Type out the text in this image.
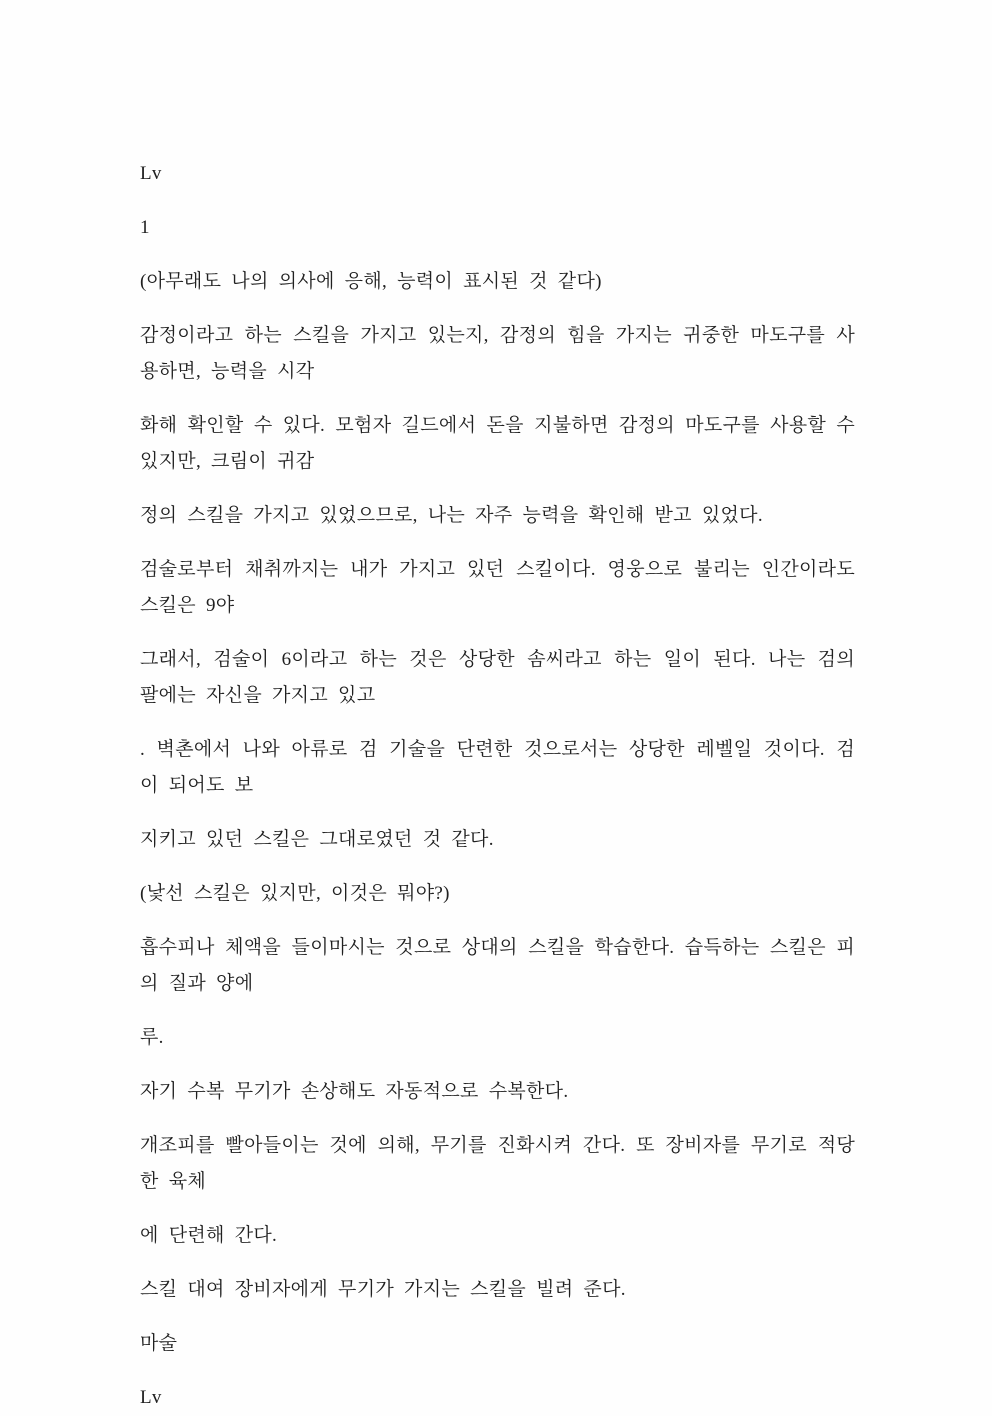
Lv

1

(아무래도 나의 의사에 응해, 능력이 표시된 것 같다)

감정이라고 하는 스킬을 가지고 있는지, 감정의 힘을 가지는 귀중한 마도구를 사용하면, 능력을 시각

화해 확인할 수 있다. 모험자 길드에서 돈을 지불하면 감정의 마도구를 사용할 수 있지만, 크림이 귀감

정의 스킬을 가지고 있었으므로, 나는 자주 능력을 확인해 받고 있었다.

검술로부터 채취까지는 내가 가지고 있던 스킬이다. 영웅으로 불리는 인간이라도 스킬은 9야

그래서, 검술이 6이라고 하는 것은 상당한 솜씨라고 하는 일이 된다. 나는 검의 팔에는 자신을 가지고 있고

. 벽촌에서 나와 아류로 검 기술을 단련한 것으로서는 상당한 레벨일 것이다. 검이 되어도 보

지키고 있던 스킬은 그대로였던 것 같다.

(낯선 스킬은 있지만, 이것은 뭐야?)

흡수피나 체액을 들이마시는 것으로 상대의 스킬을 학습한다. 습득하는 스킬은 피의 질과 양에

루.

자기 수복 무기가 손상해도 자동적으로 수복한다.

개조피를 빨아들이는 것에 의해, 무기를 진화시켜 간다. 또 장비자를 무기로 적당한 육체

에 단련해 간다.

스킬 대여 장비자에게 무기가 가지는 스킬을 빌려 준다.

마술

Lv
